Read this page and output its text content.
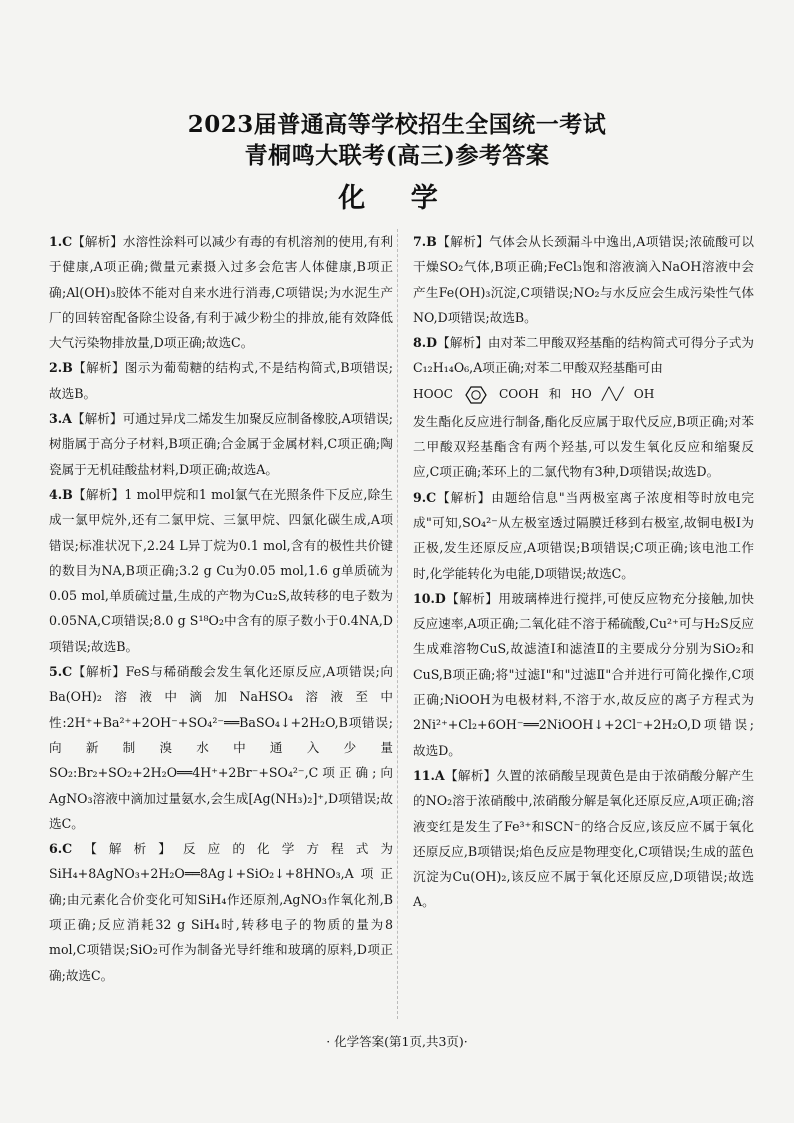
2023届普通高等学校招生全国统一考试
青桐鸣大联考(高三)参考答案
化 学

1.C【解析】水溶性涂料可以减少有毒的有机溶剂的使用,有利于健康,A项正确;微量元素摄入过多会危害人体健康,B项正确;Al(OH)₃胶体不能对自来水进行消毒,C项错误;为水泥生产厂的回转窑配备除尘设备,有利于减少粉尘的排放,能有效降低大气污染物排放量,D项正确;故选C。

2.B【解析】图示为葡萄糖的结构式,不是结构简式,B项错误;故选B。

3.A【解析】可通过异戊二烯发生加聚反应制备橡胶,A项错误;树脂属于高分子材料,B项正确;合金属于金属材料,C项正确;陶瓷属于无机硅酸盐材料,D项正确;故选A。

4.B【解析】1 mol甲烷和1 mol氯气在光照条件下反应,除生成一氯甲烷外,还有二氯甲烷、三氯甲烷、四氯化碳生成,A项错误;标准状况下,2.24 L异丁烷为0.1 mol,含有的极性共价键的数目为NA,B项正确;3.2 g Cu为0.05 mol,1.6 g单质硫为0.05 mol,单质硫过量,生成的产物为Cu₂S,故转移的电子数为0.05NA,C项错误;8.0 g S¹⁸O₂中含有的原子数小于0.4NA,D项错误;故选B。

5.C【解析】FeS与稀硝酸会发生氧化还原反应,A项错误;向Ba(OH)₂溶液中滴加NaHSO₄溶液至中性:2H⁺+Ba²⁺+2OH⁻+SO₄²⁻══BaSO₄↓+2H₂O,B项错误;向新制溴水中通入少量SO₂:Br₂+SO₂+2H₂O══4H⁺+2Br⁻+SO₄²⁻,C项正确;向AgNO₃溶液中滴加过量氨水,会生成[Ag(NH₃)₂]⁺,D项错误;故选C。

6.C【解析】反应的化学方程式为SiH₄+8AgNO₃+2H₂O══8Ag↓+SiO₂↓+8HNO₃,A项正确;由元素化合价变化可知SiH₄作还原剂,AgNO₃作氧化剂,B项正确;反应消耗32 g SiH₄时,转移电子的物质的量为8 mol,C项错误;SiO₂可作为制备光导纤维和玻璃的原料,D项正确;故选C。

7.B【解析】气体会从长颈漏斗中逸出,A项错误;浓硫酸可以干燥SO₂气体,B项正确;FeCl₃饱和溶液滴入NaOH溶液中会产生Fe(OH)₃沉淀,C项错误;NO₂与水反应会生成污染性气体NO,D项错误;故选B。

8.D【解析】由对苯二甲酸双羟基酯的结构简式可得分子式为C₁₂H₁₄O₆,A项正确;对苯二甲酸双羟基酯可由

HOOC	COOH 和 HO ╱╲╱ OH

发生酯化反应进行制备,酯化反应属于取代反应,B项正确;对苯二甲酸双羟基酯含有两个羟基,可以发生氧化反应和缩聚反应,C项正确;苯环上的二氯代物有3种,D项错误;故选D。

9.C【解析】由题给信息"当两极室离子浓度相等时放电完成"可知,SO₄²⁻从左极室透过隔膜迁移到右极室,故铜电极Ⅰ为正极,发生还原反应,A项错误;B项错误;C项正确;该电池工作时,化学能转化为电能,D项错误;故选C。

10.D【解析】用玻璃棒进行搅拌,可使反应物充分接触,加快反应速率,A项正确;二氧化硅不溶于稀硫酸,Cu²⁺可与H₂S反应生成难溶物CuS,故滤渣Ⅰ和滤渣Ⅱ的主要成分分别为SiO₂和CuS,B项正确;将"过滤Ⅰ"和"过滤Ⅱ"合并进行可简化操作,C项正确;NiOOH为电极材料,不溶于水,故反应的离子方程式为2Ni²⁺+Cl₂+6OH⁻══2NiOOH↓+2Cl⁻+2H₂O,D项错误;故选D。

11.A【解析】久置的浓硝酸呈现黄色是由于浓硝酸分解产生的NO₂溶于浓硝酸中,浓硝酸分解是氧化还原反应,A项正确;溶液变红是发生了Fe³⁺和SCN⁻的络合反应,该反应不属于氧化还原反应,B项错误;焰色反应是物理变化,C项错误;生成的蓝色沉淀为Cu(OH)₂,该反应不属于氧化还原反应,D项错误;故选A。

· 化学答案(第1页,共3页)·
